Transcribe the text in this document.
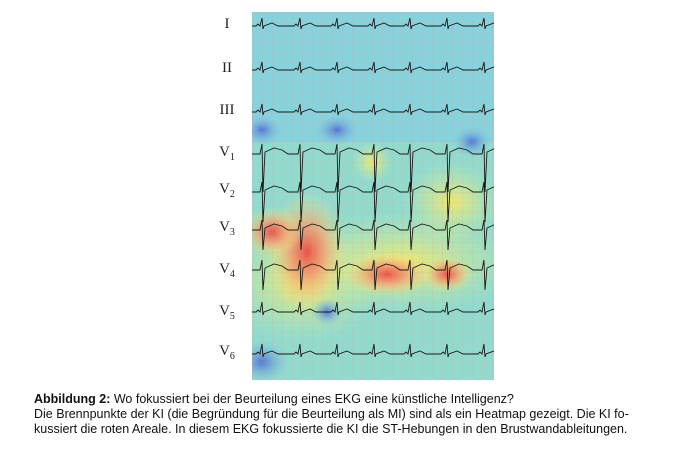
I
II
III
$V_1$
$V_2$
$V_3$
$V_4$
$V_5$
$V_6$
Abbildung 2: Wo fokussiert bei der Beurteilung eines EKG eine künstliche Intelligenz?
Die Brennpunkte der KI (die Begründung für die Beurteilung als MI) sind als ein Heatmap gezeigt. Die KI fo-
kussiert die roten Areale. In diesem EKG fokussierte die KI die ST-Hebungen in den Brustwandableitungen.
